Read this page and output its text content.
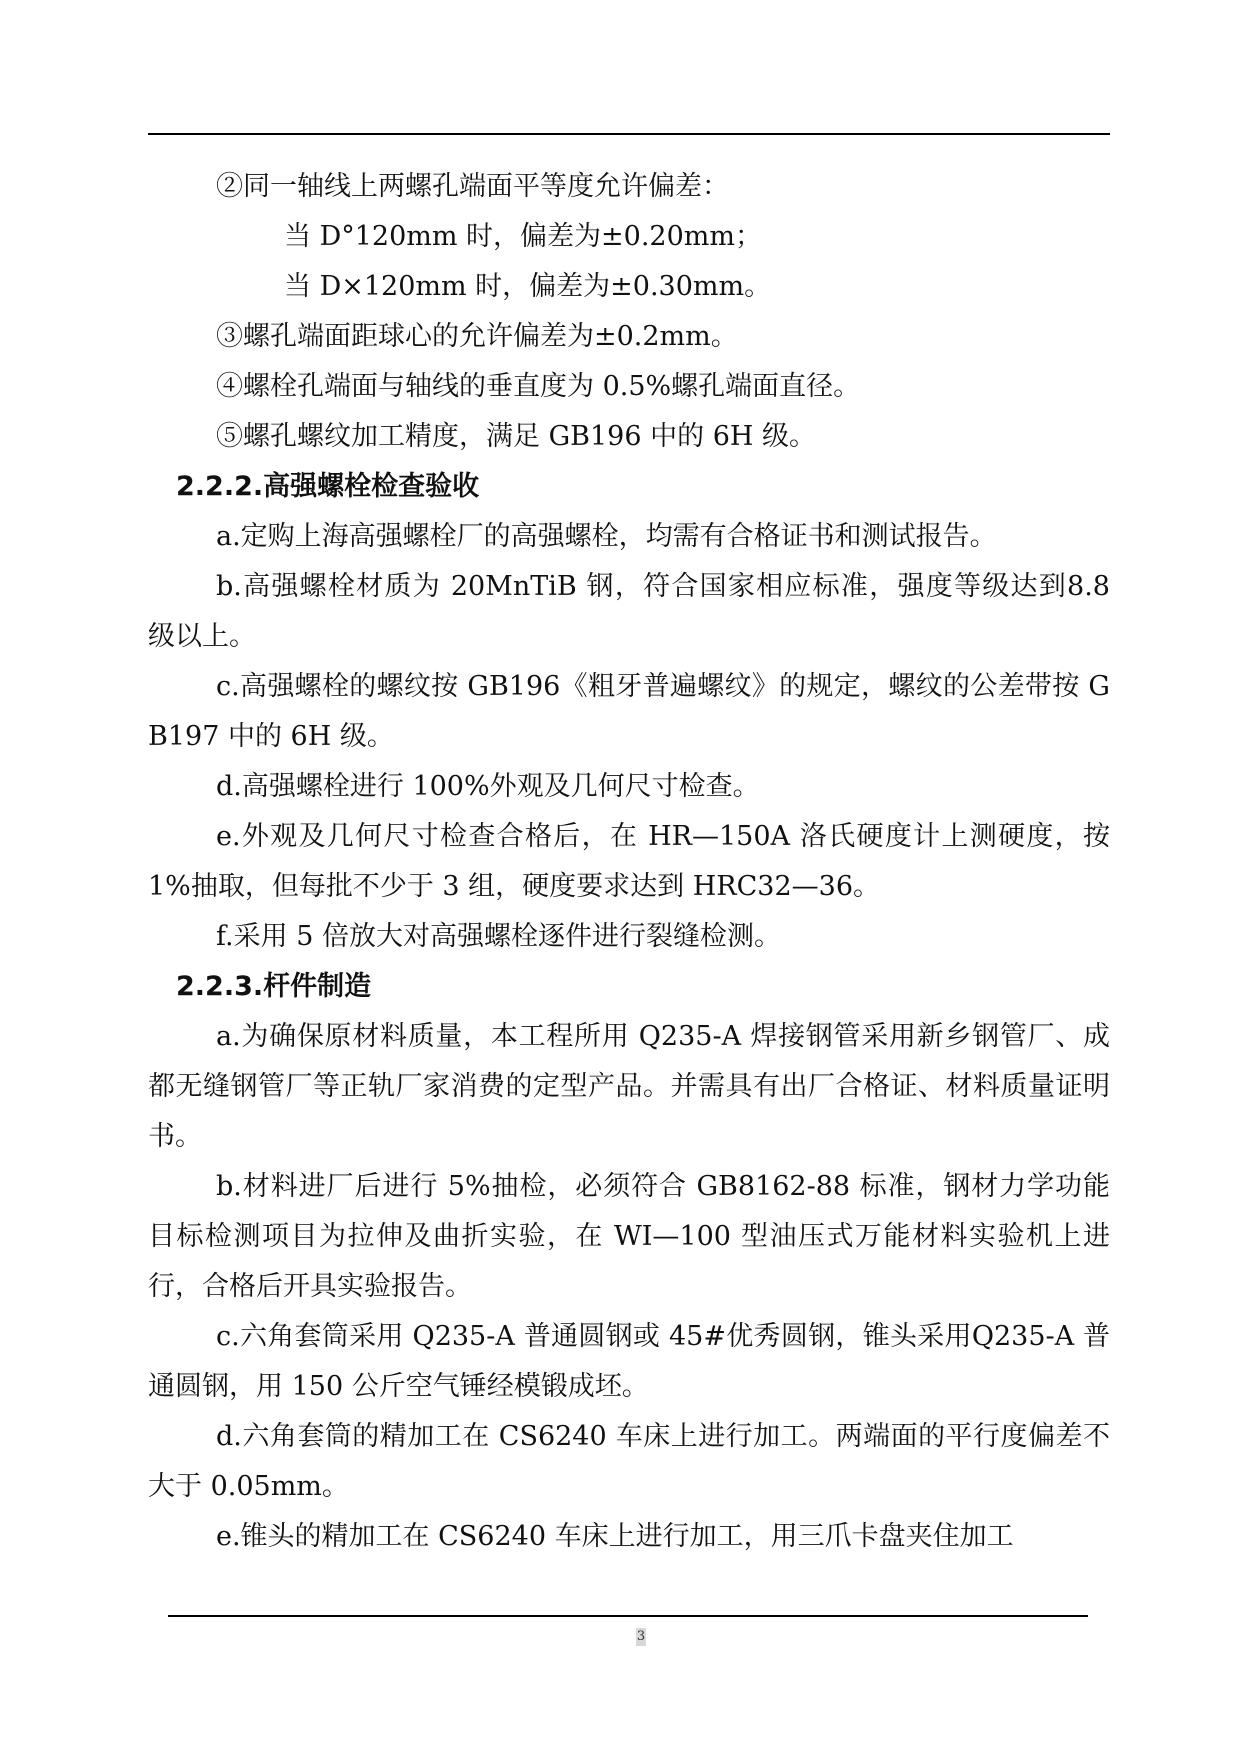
②同一轴线上两螺孔端面平等度允许偏差：

当 D°120mm 时，偏差为±0.20mm；

当 D×120mm 时，偏差为±0.30mm。

③螺孔端面距球心的允许偏差为±0.2mm。

④螺栓孔端面与轴线的垂直度为 0.5%螺孔端面直径。

⑤螺孔螺纹加工精度，满足 GB196 中的 6H 级。

2.2.2.高强螺栓检查验收

a.定购上海高强螺栓厂的高强螺栓，均需有合格证书和测试报告。

b.高强螺栓材质为 20MnTiB 钢，符合国家相应标准，强度等级达到8.8 级以上。

c.高强螺栓的螺纹按 GB196《粗牙普遍螺纹》的规定，螺纹的公差带按 GB197 中的 6H 级。

d.高强螺栓进行 100%外观及几何尺寸检查。

e.外观及几何尺寸检查合格后，在 HR—150A 洛氏硬度计上测硬度，按 1%抽取，但每批不少于 3 组，硬度要求达到 HRC32—36。

f.采用 5 倍放大对高强螺栓逐件进行裂缝检测。

2.2.3.杆件制造

a.为确保原材料质量，本工程所用 Q235-A 焊接钢管采用新乡钢管厂、成都无缝钢管厂等正轨厂家消费的定型产品。并需具有出厂合格证、材料质量证明书。

b.材料进厂后进行 5%抽检，必须符合 GB8162-88 标准，钢材力学功能目标检测项目为拉伸及曲折实验，在 WI—100 型油压式万能材料实验机上进行，合格后开具实验报告。

c.六角套筒采用 Q235-A 普通圆钢或 45#优秀圆钢，锥头采用Q235-A 普通圆钢，用 150 公斤空气锤经模锻成坯。

d.六角套筒的精加工在 CS6240 车床上进行加工。两端面的平行度偏差不大于 0.05mm。

e.锥头的精加工在 CS6240 车床上进行加工，用三爪卡盘夹住加工

3
